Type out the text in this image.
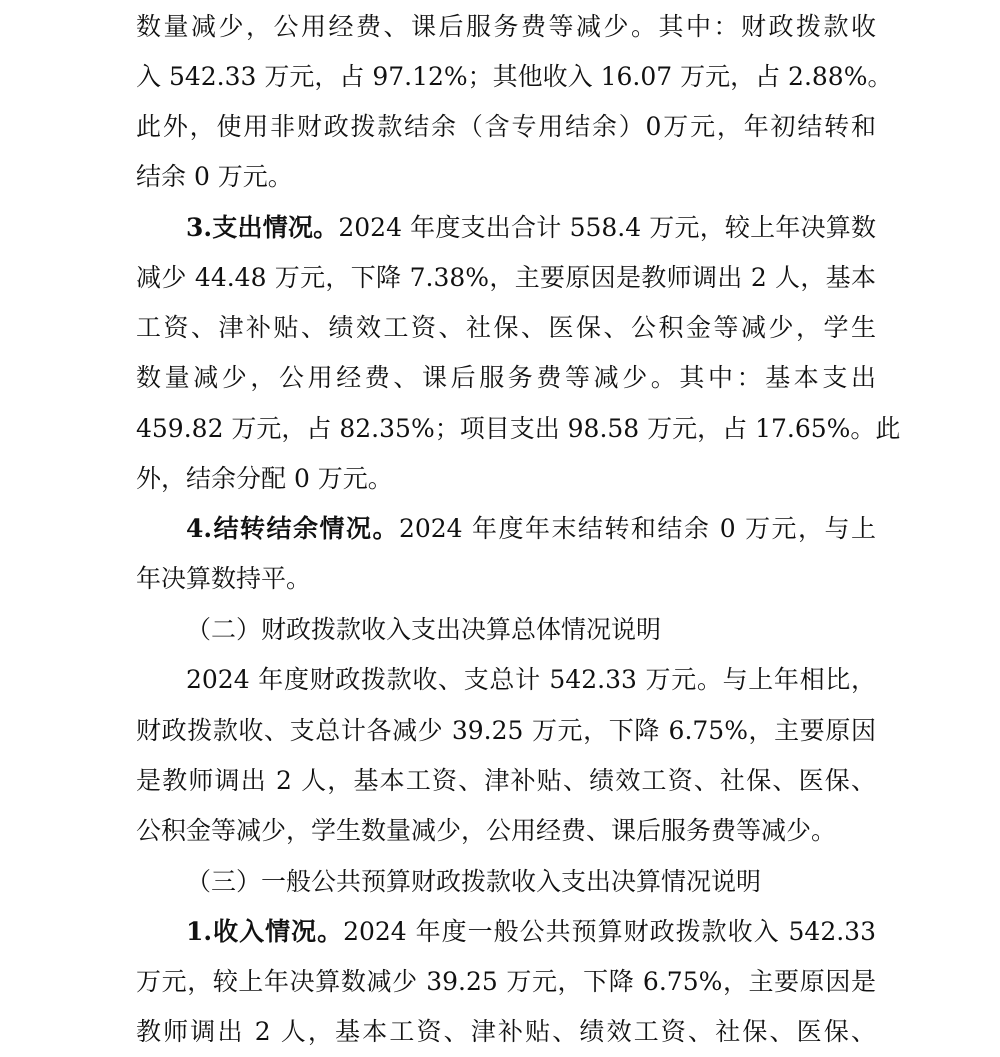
数量减少，公用经费、课后服务费等减少。其中：财政拨款收
入 542.33 万元，占 97.12%；其他收入 16.07 万元，占 2.88%。
此外，使用非财政拨款结余（含专用结余）0万元，年初结转和
结余 0 万元。
3.支出情况。2024 年度支出合计 558.4 万元，较上年决算数
减少 44.48 万元，下降 7.38%，主要原因是教师调出 2 人，基本
工资、津补贴、绩效工资、社保、医保、公积金等减少，学生
数量减少，公用经费、课后服务费等减少。其中：基本支出
459.82 万元，占 82.35%；项目支出 98.58 万元，占 17.65%。此
外，结余分配 0 万元。
4.结转结余情况。2024 年度年末结转和结余 0 万元，与上
年决算数持平。
（二）财政拨款收入支出决算总体情况说明
2024 年度财政拨款收、支总计 542.33 万元。与上年相比，
财政拨款收、支总计各减少 39.25 万元，下降 6.75%，主要原因
是教师调出 2 人，基本工资、津补贴、绩效工资、社保、医保、
公积金等减少，学生数量减少，公用经费、课后服务费等减少。
（三）一般公共预算财政拨款收入支出决算情况说明
1.收入情况。2024 年度一般公共预算财政拨款收入 542.33
万元，较上年决算数减少 39.25 万元，下降 6.75%，主要原因是
教师调出 2 人，基本工资、津补贴、绩效工资、社保、医保、
